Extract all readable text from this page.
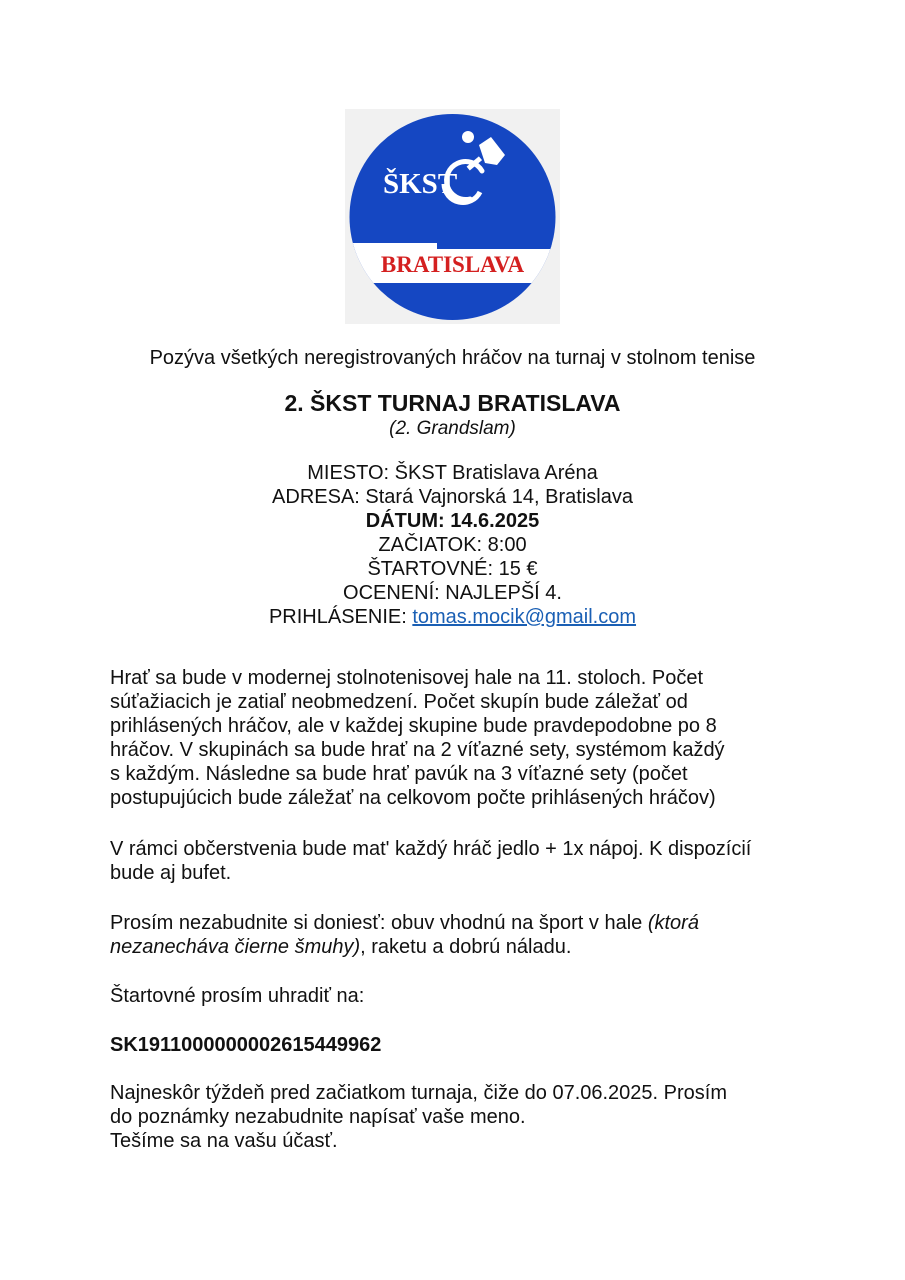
ŠKST
BRATISLAVA
Pozýva všetkých neregistrovaných hráčov na turnaj v stolnom tenise
2. ŠKST TURNAJ BRATISLAVA
(2. Grandslam)
MIESTO: ŠKST Bratislava Aréna
ADRESA: Stará Vajnorská 14, Bratislava
DÁTUM: 14.6.2025
ZAČIATOK: 8:00
ŠTARTOVNÉ: 15 €
OCENENÍ: NAJLEPŠÍ 4.
PRIHLÁSENIE: tomas.mocik@gmail.com
Hrať sa bude v modernej stolnotenisovej hale na 11. stoloch. Počet
súťažiacich je zatiaľ neobmedzení. Počet skupín bude záležať od
prihlásených hráčov, ale v každej skupine bude pravdepodobne po 8
hráčov. V skupinách sa bude hrať na 2 víťazné sety, systémom každý
s každým. Následne sa bude hrať pavúk na 3 víťazné sety (počet
postupujúcich bude záležať na celkovom počte prihlásených hráčov)
V rámci občerstvenia bude mat' každý hráč jedlo + 1x nápoj. K dispozícií
bude aj bufet.
Prosím nezabudnite si doniesť: obuv vhodnú na šport v hale (ktorá
nezanecháva čierne šmuhy), raketu a dobrú náladu.
Štartovné prosím uhradiť na:
SK1911000000002615449962
Najneskôr týždeň pred začiatkom turnaja, čiže do 07.06.2025. Prosím
do poznámky nezabudnite napísať vaše meno.
Tešíme sa na vašu účasť.
